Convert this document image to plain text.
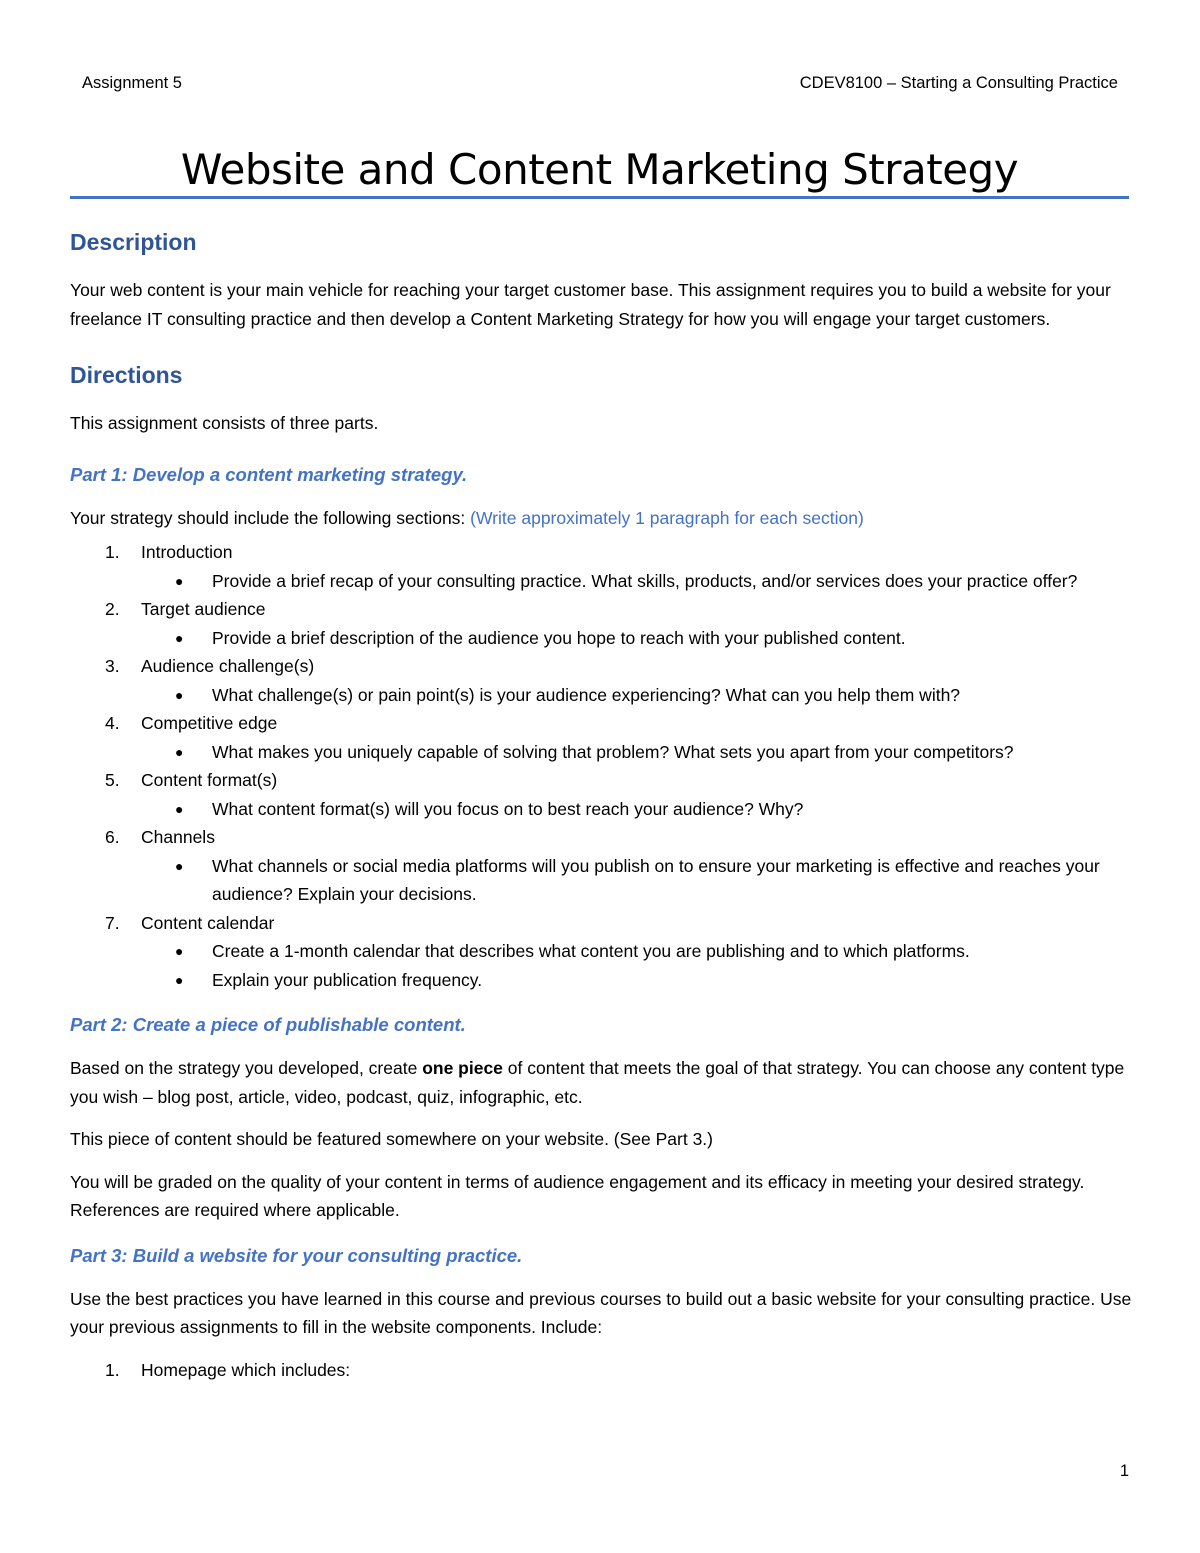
Assignment 5	CDEV8100 – Starting a Consulting Practice
Website and Content Marketing Strategy
Description

Your web content is your main vehicle for reaching your target customer base. This assignment requires you to build a website for your freelance IT consulting practice and then develop a Content Marketing Strategy for how you will engage your target customers.

Directions

This assignment consists of three parts.

Part 1: Develop a content marketing strategy.

Your strategy should include the following sections: (Write approximately 1 paragraph for each section)

1. Introduction
● Provide a brief recap of your consulting practice. What skills, products, and/or services does your practice offer?
2. Target audience
● Provide a brief description of the audience you hope to reach with your published content.
3. Audience challenge(s)
● What challenge(s) or pain point(s) is your audience experiencing? What can you help them with?
4. Competitive edge
● What makes you uniquely capable of solving that problem? What sets you apart from your competitors?
5. Content format(s)
● What content format(s) will you focus on to best reach your audience? Why?
6. Channels
● What channels or social media platforms will you publish on to ensure your marketing is effective and reaches your audience? Explain your decisions.
7. Content calendar
● Create a 1-month calendar that describes what content you are publishing and to which platforms.
● Explain your publication frequency.
Part 2: Create a piece of publishable content.

Based on the strategy you developed, create one piece of content that meets the goal of that strategy. You can choose any content type you wish – blog post, article, video, podcast, quiz, infographic, etc.

This piece of content should be featured somewhere on your website. (See Part 3.)

You will be graded on the quality of your content in terms of audience engagement and its efficacy in meeting your desired strategy. References are required where applicable.

Part 3: Build a website for your consulting practice.

Use the best practices you have learned in this course and previous courses to build out a basic website for your consulting practice. Use your previous assignments to fill in the website components. Include:

1. Homepage which includes:
1
